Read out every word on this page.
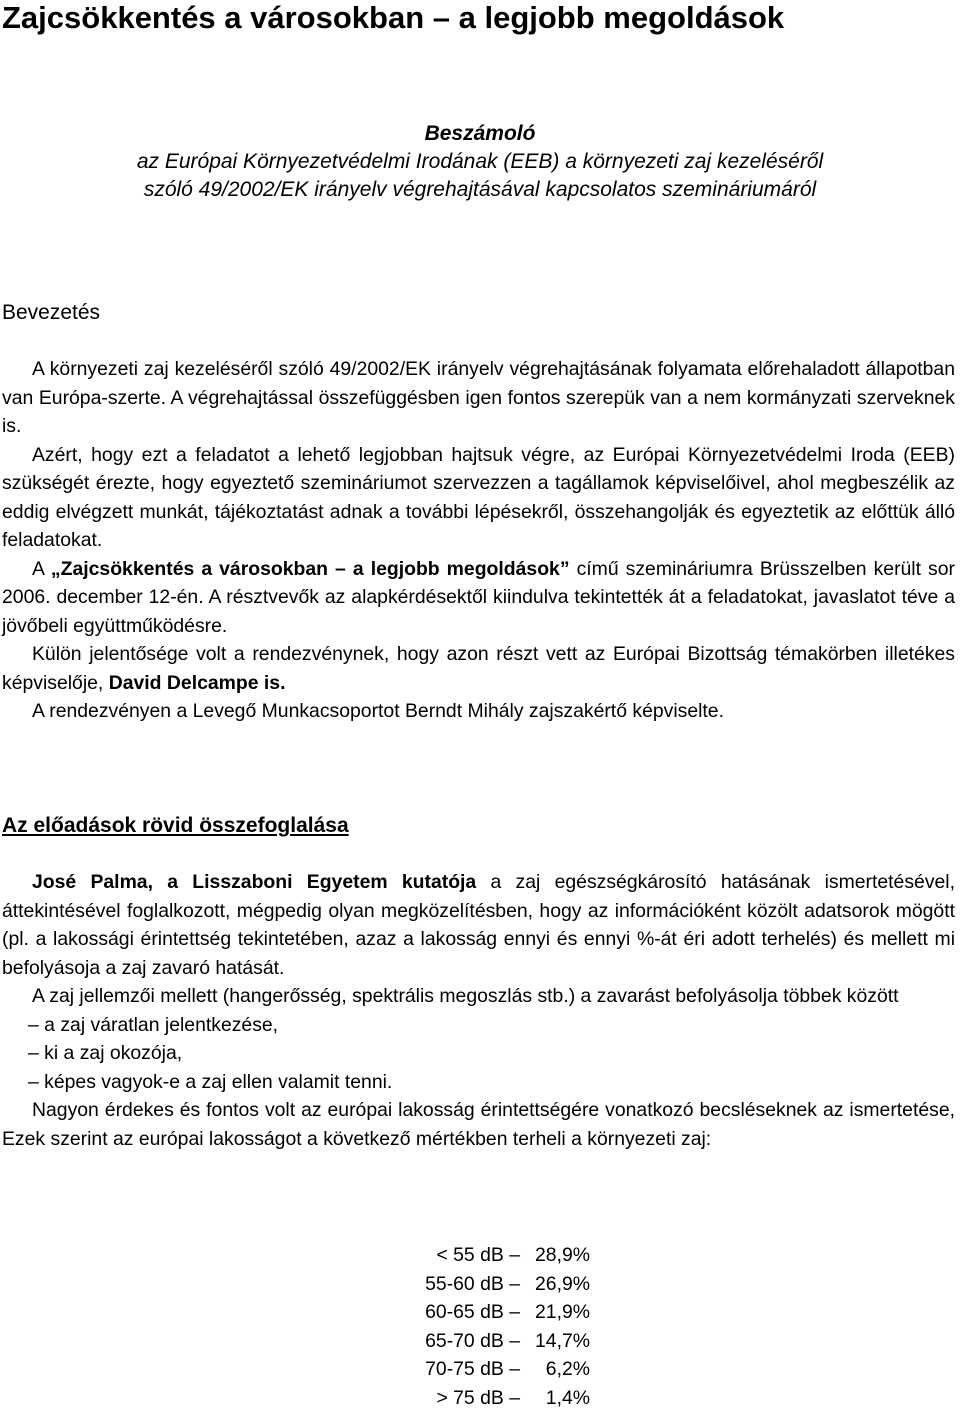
Zajcsökkentés a városokban – a legjobb megoldások
Beszámoló
az Európai Környezetvédelmi Irodának (EEB) a környezeti zaj kezeléséről
szóló 49/2002/EK irányelv végrehajtásával kapcsolatos szemináriumáról
Bevezetés

A környezeti zaj kezeléséről szóló 49/2002/EK irányelv végrehajtásának folyamata előrehaladott állapotban van Európa-szerte. A végrehajtással összefüggésben igen fontos szerepük van a nem kormányzati szerveknek is.

Azért, hogy ezt a feladatot a lehető legjobban hajtsuk végre, az Európai Környezetvédelmi Iroda (EEB) szükségét érezte, hogy egyeztető szemináriumot szervezzen a tagállamok képviselőivel, ahol megbeszélik az eddig elvégzett munkát, tájékoztatást adnak a további lépésekről, összehangolják és egyeztetik az előttük álló feladatokat.

A „Zajcsökkentés a városokban – a legjobb megoldások” című szemináriumra Brüsszelben került sor 2006. december 12-én. A résztvevők az alapkérdésektől kiindulva tekintették át a feladatokat, javaslatot téve a jövőbeli együttműködésre.

Külön jelentősége volt a rendezvénynek, hogy azon részt vett az Európai Bizottság témakörben illetékes képviselője, David Delcampe is.

A rendezvényen a Levegő Munkacsoportot Berndt Mihály zajszakértő képviselte.

Az előadások rövid összefoglalása

José Palma, a Lisszaboni Egyetem kutatója a zaj egészségkárosító hatásának ismertetésével, áttekintésével foglalkozott, mégpedig olyan megközelítésben, hogy az információként közölt adatsorok mögött (pl. a lakossági érintettség tekintetében, azaz a lakosság ennyi és ennyi %-át éri adott terhelés) és mellett mi befolyásoja a zaj zavaró hatását.

A zaj jellemzői mellett (hangerősség, spektrális megoszlás stb.) a zavarást befolyásolja többek között

– a zaj váratlan jelentkezése,

– ki a zaj okozója,

– képes vagyok-e a zaj ellen valamit tenni.

Nagyon érdekes és fontos volt az európai lakosság érintettségére vonatkozó becsléseknek az ismertetése, Ezek szerint az európai lakosságot a következő mértékben terheli a környezeti zaj:

< 55 dB – 28,9%
55-60 dB – 26,9%
60-65 dB – 21,9%
65-70 dB – 14,7%
70-75 dB –	6,2%
> 75 dB –	1,4%
